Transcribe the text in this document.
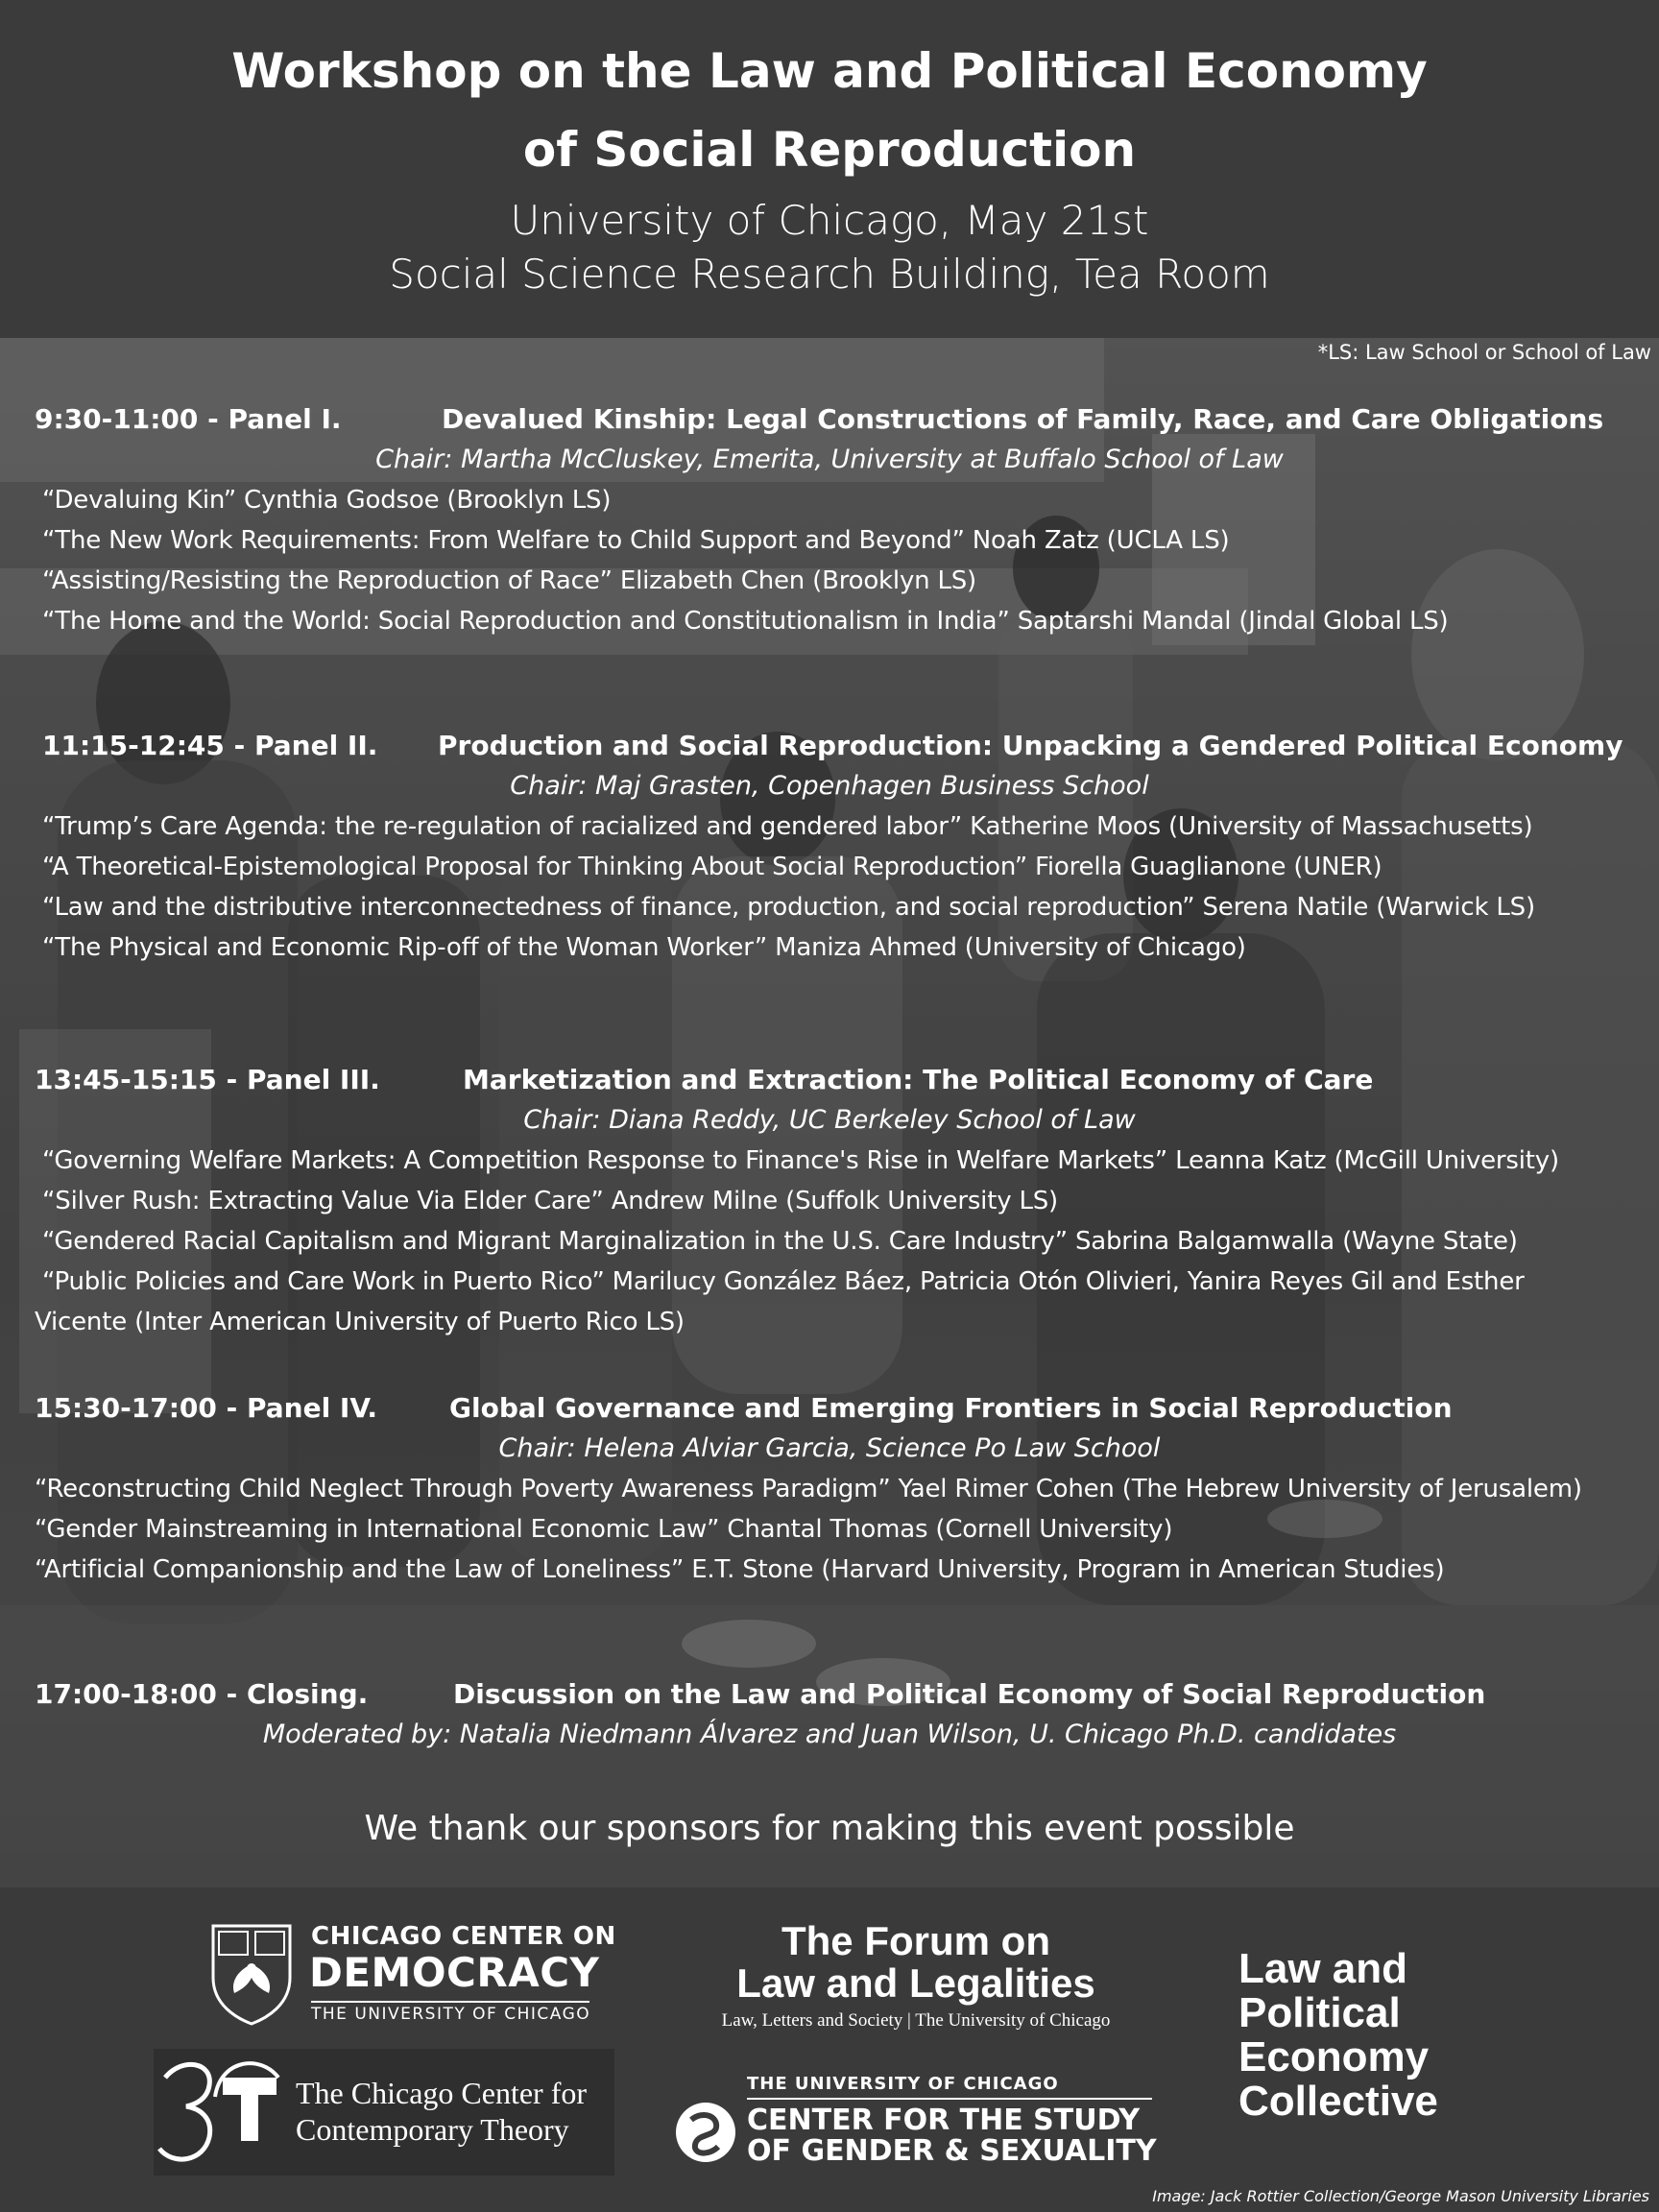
Workshop on the Law and Political Economy
of Social Reproduction
University of Chicago, May 21st
Social Science Research Building, Tea Room
*LS: Law School or School of Law
9:30-11:00 - Panel I.	Devalued Kinship: Legal Constructions of Family, Race, and Care Obligations
Chair: Martha McCluskey, Emerita, University at Buffalo School of Law
“Devaluing Kin” Cynthia Godsoe (Brooklyn LS)
“The New Work Requirements: From Welfare to Child Support and Beyond” Noah Zatz (UCLA LS)
“Assisting/Resisting the Reproduction of Race” Elizabeth Chen (Brooklyn LS)
“The Home and the World: Social Reproduction and Constitutionalism in India” Saptarshi Mandal (Jindal Global LS)
11:15-12:45 - Panel II. Production and Social Reproduction: Unpacking a Gendered Political Economy
Chair: Maj Grasten, Copenhagen Business School
“Trump’s Care Agenda: the re-regulation of racialized and gendered labor” Katherine Moos (University of Massachusetts)
“A Theoretical-Epistemological Proposal for Thinking About Social Reproduction” Fiorella Guaglianone (UNER)
“Law and the distributive interconnectedness of finance, production, and social reproduction” Serena Natile (Warwick LS)
“The Physical and Economic Rip-off of the Woman Worker” Maniza Ahmed (University of Chicago)
13:45-15:15 - Panel III.	Marketization and Extraction: The Political Economy of Care
Chair: Diana Reddy, UC Berkeley School of Law
“Governing Welfare Markets: A Competition Response to Finance's Rise in Welfare Markets” Leanna Katz (McGill University)
“Silver Rush: Extracting Value Via Elder Care” Andrew Milne (Suffolk University LS)
“Gendered Racial Capitalism and Migrant Marginalization in the U.S. Care Industry” Sabrina Balgamwalla (Wayne State)
“Public Policies and Care Work in Puerto Rico” Marilucy González Báez, Patricia Otón Olivieri, Yanira Reyes Gil and Esther
Vicente (Inter American University of Puerto Rico LS)
15:30-17:00 - Panel IV.	Global Governance and Emerging Frontiers in Social Reproduction
Chair: Helena Alviar Garcia, Science Po Law School
“Reconstructing Child Neglect Through Poverty Awareness Paradigm” Yael Rimer Cohen (The Hebrew University of Jerusalem)
“Gender Mainstreaming in International Economic Law” Chantal Thomas (Cornell University)
“Artificial Companionship and the Law of Loneliness” E.T. Stone (Harvard University, Program in American Studies)
17:00-18:00 - Closing.	Discussion on the Law and Political Economy of Social Reproduction
Moderated by: Natalia Niedmann Álvarez and Juan Wilson, U. Chicago Ph.D. candidates
We thank our sponsors for making this event possible
CHICAGO CENTER ON
DEMOCRACY
THE UNIVERSITY OF CHICAGO
The Forum on
Law and Legalities
Law, Letters and Society | The University of Chicago
Law and
Political
Economy
Collective
The Chicago Center for
Contemporary Theory
THE UNIVERSITY OF CHICAGO
CENTER FOR THE STUDY
OF GENDER & SEXUALITY
Image: Jack Rottier Collection/George Mason University Libraries
